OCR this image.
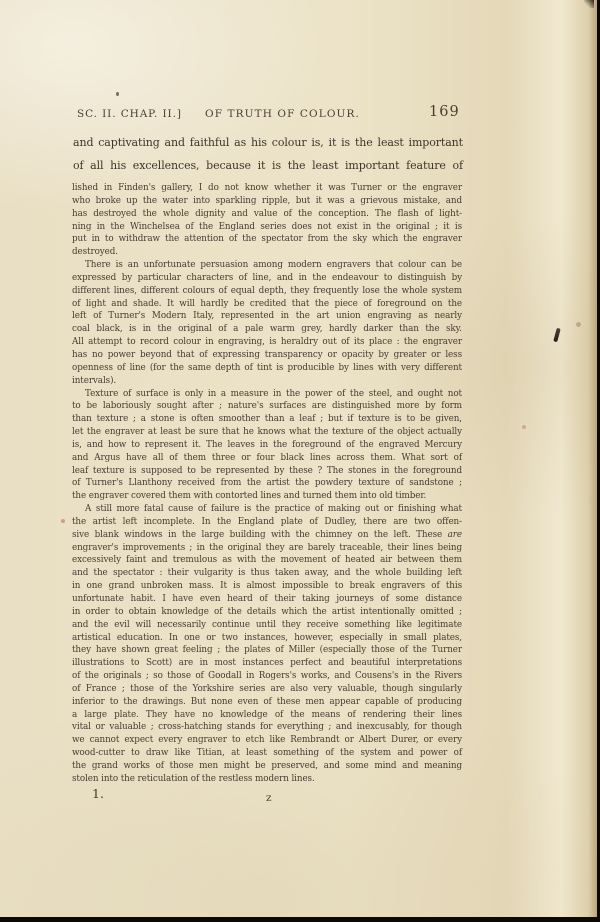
SC. II. CHAP. II.] OF TRUTH OF COLOUR.	169
and captivating and faithful as his colour is, it is the least important
of all his excellences, because it is the least important feature of
lished in Finden's gallery, I do not know whether it was Turner or the engraver
who broke up the water into sparkling ripple, but it was a grievous mistake, and
has destroyed the whole dignity and value of the conception. The flash of light-
ning in the Winchelsea of the England series does not exist in the original ; it is
put in to withdraw the attention of the spectator from the sky which the engraver
destroyed.
There is an unfortunate persuasion among modern engravers that colour can be
expressed by particular characters of line, and in the endeavour to distinguish by
different lines, different colours of equal depth, they frequently lose the whole system
of light and shade. It will hardly be credited that the piece of foreground on the
left of Turner's Modern Italy, represented in the art union engraving as nearly
coal black, is in the original of a pale warm grey, hardly darker than the sky.
All attempt to record colour in engraving, is heraldry out of its place : the engraver
has no power beyond that of expressing transparency or opacity by greater or less
openness of line (for the same depth of tint is producible by lines with very different
intervals).
Texture of surface is only in a measure in the power of the steel, and ought not
to be laboriously sought after ; nature's surfaces are distinguished more by form
than texture ; a stone is often smoother than a leaf ; but if texture is to be given,
let the engraver at least be sure that he knows what the texture of the object actually
is, and how to represent it. The leaves in the foreground of the engraved Mercury
and Argus have all of them three or four black lines across them. What sort of
leaf texture is supposed to be represented by these ? The stones in the foreground
of Turner's Llanthony received from the artist the powdery texture of sandstone ;
the engraver covered them with contorted lines and turned them into old timber.
A still more fatal cause of failure is the practice of making out or finishing what
the artist left incomplete. In the England plate of Dudley, there are two offen-
sive blank windows in the large building with the chimney on the left. These are
engraver's improvements ; in the original they are barely traceable, their lines being
excessively faint and tremulous as with the movement of heated air between them
and the spectator : their vulgarity is thus taken away, and the whole building left
in one grand unbroken mass. It is almost impossible to break engravers of this
unfortunate habit. I have even heard of their taking journeys of some distance
in order to obtain knowledge of the details which the artist intentionally omitted ;
and the evil will necessarily continue until they receive something like legitimate
artistical education. In one or two instances, however, especially in small plates,
they have shown great feeling ; the plates of Miller (especially those of the Turner
illustrations to Scott) are in most instances perfect and beautiful interpretations
of the originals ; so those of Goodall in Rogers's works, and Cousens's in the Rivers
of France ; those of the Yorkshire series are also very valuable, though singularly
inferior to the drawings. But none even of these men appear capable of producing
a large plate. They have no knowledge of the means of rendering their lines
vital or valuable ; cross-hatching stands for everything ; and inexcusably, for though
we cannot expect every engraver to etch like Rembrandt or Albert Durer, or every
wood-cutter to draw like Titian, at least something of the system and power of
the grand works of those men might be preserved, and some mind and meaning
stolen into the reticulation of the restless modern lines.
1.	z
